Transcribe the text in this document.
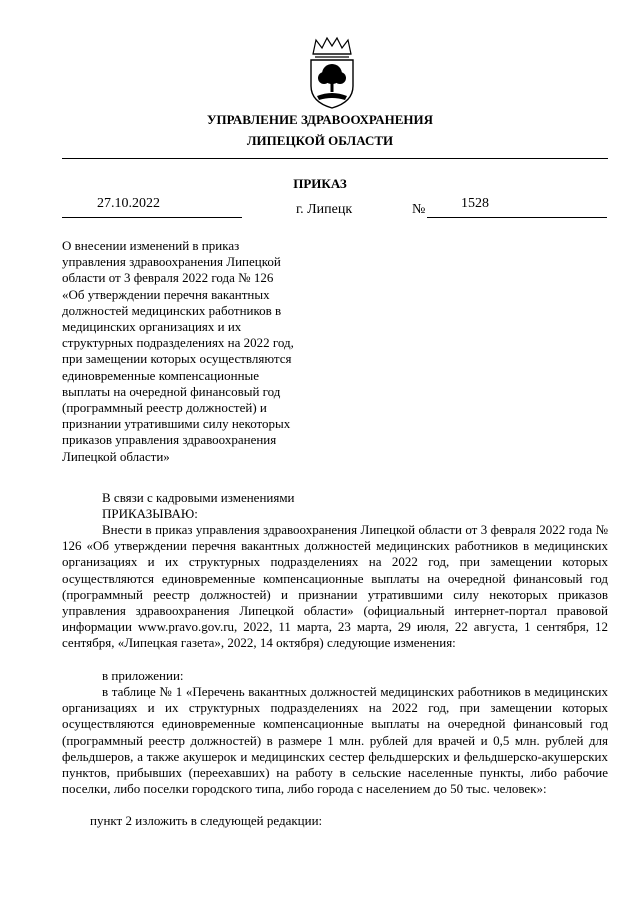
УПРАВЛЕНИЕ ЗДРАВООХРАНЕНИЯ
ЛИПЕЦКОЙ ОБЛАСТИ
ПРИКАЗ
27.10.2022	г. Липецк	№	1528
О внесении изменений в приказ
управления здравоохранения Липецкой
области от 3 февраля 2022 года № 126
«Об утверждении перечня вакантных
должностей медицинских работников в
медицинских организациях и их
структурных подразделениях на 2022 год,
при замещении которых осуществляются
единовременные компенсационные
выплаты на очередной финансовый год
(программный реестр должностей) и
признании утратившими силу некоторых
приказов управления здравоохранения
Липецкой области»
В связи с кадровыми изменениями
ПРИКАЗЫВАЮ:
Внести в приказ управления здравоохранения Липецкой области от 3 февраля 2022 года № 126 «Об утверждении перечня вакантных должностей медицинских работников в медицинских организациях и их структурных подразделениях на 2022 год, при замещении которых осуществляются единовременные компенсационные выплаты на очередной финансовый год (программный реестр должностей) и признании утратившими силу некоторых приказов управления здравоохранения Липецкой области» (официальный интернет-портал правовой информации www.pravo.gov.ru, 2022, 11 марта, 23 марта, 29 июля, 22 августа, 1 сентября, 12 сентября, «Липецкая газета», 2022, 14 октября) следующие изменения:
в приложении:
в таблице № 1 «Перечень вакантных должностей медицинских работников в медицинских организациях и их структурных подразделениях на 2022 год, при замещении которых осуществляются единовременные компенсационные выплаты на очередной финансовый год (программный реестр должностей) в размере 1 млн. рублей для врачей и 0,5 млн. рублей для фельдшеров, а также акушерок и медицинских сестер фельдшерских и фельдшерско-акушерских пунктов, прибывших (переехавших) на работу в сельские населенные пункты, либо рабочие поселки, либо поселки городского типа, либо города с населением до 50 тыс. человек»:
пункт 2 изложить в следующей редакции:
